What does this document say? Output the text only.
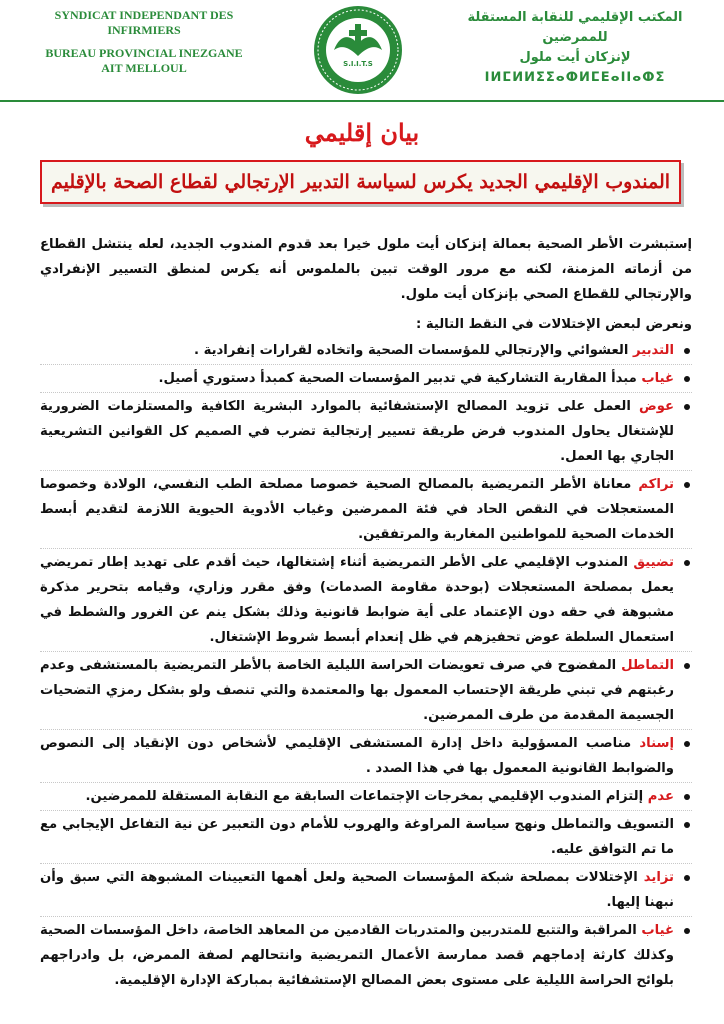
SYNDICAT INDEPENDANT DES
INFIRMIERS
BUREAU PROVINCIAL INEZGANE
AIT MELLOUL	S.I.I.T.S
المكتب الإقليمي للنقابة المستقلة للممرضين
لإنزكان أيت ملول
ⵏⵍⵎⵍⵍⵉⵉⴰⵀⵍⵎⴹⴰⵏⵏⴰⵀⵉ
بيان إقليمي
المندوب الإقليمي الجديد يكرس لسياسة التدبير الإرتجالي لقطاع الصحة بالإقليم

إستبشرت الأطر الصحية بعمالة إنزكان أيت ملول خيرا بعد قدوم المندوب الجديد، لعله ينتشل القطاع من أزماته المزمنة، لكنه مع مرور الوقت تبين بالملموس أنه يكرس لمنطق التسيير الإنفرادي والإرتجالي للقطاع الصحي بإنزكان أيت ملول.

ونعرض لبعض الإختلالات في النقط التالية :

التدبير العشوائي والإرتجالي للمؤسسات الصحية واتخاده لقرارات إنفرادية .
غياب مبدأ المقاربة التشاركية في تدبير المؤسسات الصحية كمبدأ دستوري أصيل.
عوض العمل على تزويد المصالح الإستشفائية بالموارد البشرية الكافية والمستلزمات الضرورية للإشتغال يحاول المندوب فرض طريقة تسيير إرتجالية تضرب في الصميم كل القوانين التشريعية الجاري بها العمل.
تراكم معاناة الأطر التمريضية بالمصالح الصحية خصوصا مصلحة الطب النفسي، الولادة وخصوصا المستعجلات في النقص الحاد في فئة الممرضين وغياب الأدوية الحيوية اللازمة لتقديم أبسط الخدمات الصحية للمواطنين المغاربة والمرتفقين.
تضييق المندوب الإقليمي على الأطر التمريضية أثناء إشتغالها، حيث أقدم على تهديد إطار تمريضي يعمل بمصلحة المستعجلات (بوحدة مقاومة الصدمات) وفق مقرر وزاري، وقيامه بتحرير مذكرة مشبوهة في حقه دون الإعتماد على أية ضوابط قانونية وذلك بشكل ينم عن الغرور والشطط في استعمال السلطة عوض تحفيزهم في ظل إنعدام أبسط شروط الإشتغال.
التماطل المفضوح في صرف تعويضات الحراسة الليلية الخاصة بالأطر التمريضية بالمستشفى وعدم رغبتهم في تبني طريقة الإحتساب المعمول بها والمعتمدة والتي تنصف ولو بشكل رمزي التضحيات الجسيمة المقدمة من طرف الممرضين.
إسناد مناصب المسؤولية داخل إدارة المستشفى الإقليمي لأشخاص دون الإنقياد إلى النصوص والضوابط القانونية المعمول بها في هذا الصدد .
عدم إلتزام المندوب الإقليمي بمخرجات الإجتماعات السابقة مع النقابة المستقلة للممرضين.
التسويف والتماطل ونهج سياسة المراوغة والهروب للأمام دون التعبير عن نية التفاعل الإيجابي مع ما تم التوافق عليه.
تزايد الإختلالات بمصلحة شبكة المؤسسات الصحية ولعل أهمها التعيينات المشبوهة التي سبق وأن نبهنا إليها.
غياب المراقبة والتتبع للمتدربين والمتدربات القادمين من المعاهد الخاصة، داخل المؤسسات الصحية وكذلك كارثة إدماجهم قصد ممارسة الأعمال التمريضية وانتحالهم لصفة الممرض، بل وادراجهم بلوائح الحراسة الليلية على مستوى بعض المصالح الإستشفائية بمباركة الإدارة الإقليمية.
